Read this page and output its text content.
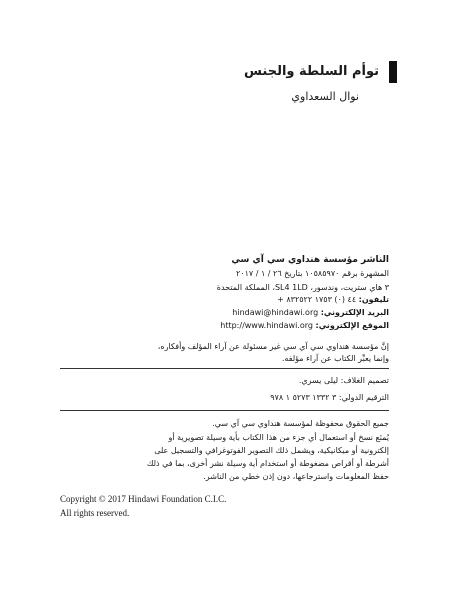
توأم السلطة والجنس
نوال السعداوي
الناشر مؤسسة هنداوي سي آي سي
المشهرة برقم ١٠٥٨٥٩٧٠ بتاريخ ٢٦ / ١ / ٢٠١٧
٣ هاي ستريت، وندسور، SL4 1LD، المملكة المتحدة
تليفون: + ٤٤ (٠) ١٧٥٣ ٨٣٢٥٢٢
البريد الإلكتروني: hindawi@hindawi.org
الموقع الإلكتروني: http://www.hindawi.org
إنَّ مؤسسة هنداوي سي آي سي غير مسئولة عن آراء المؤلف وأفكاره،
وإنما يعبِّر الكتاب عن آراء مؤلفه.
تصميم الغلاف: ليلى يسري.
الترقيم الدولي: ٣ ١٣٣٢ ٥٢٧٣ ١ ٩٧٨
جميع الحقوق محفوظة لمؤسسة هنداوي سي آي سي.
يُمنَع نسخ أو استعمال أي جزء من هذا الكتاب بأية وسيلة تصويرية أو
إلكترونية أو ميكانيكية، ويشمل ذلك التصوير الفوتوغرافي والتسجيل على
أشرطة أو أقراص مضغوطة أو استخدام أية وسيلة نشر أخرى، بما في ذلك
حفظ المعلومات واسترجاعها، دون إذن خطي من الناشر.
Copyright © 2017 Hindawi Foundation C.I.C.
All rights reserved.
